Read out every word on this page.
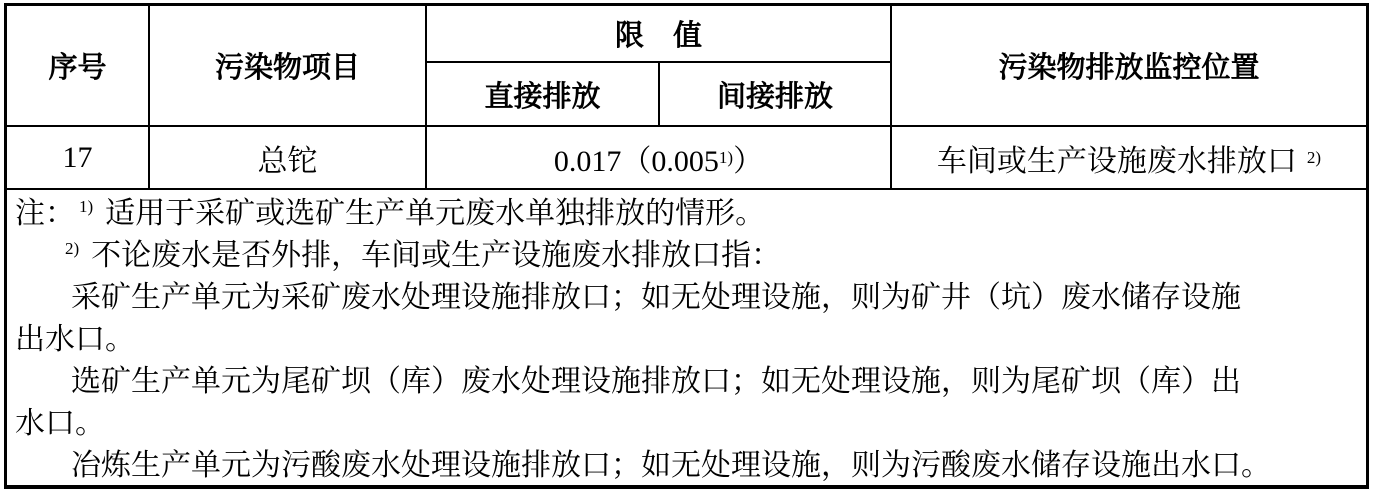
序号	污染物项目
限　值
直接排放	间接排放
污染物排放监控位置
17	总铊	0.017（0.005 1) ）	车间或生产设施废水排放口 2)
注： $^{1)}$ 适用于采矿或选矿生产单元废水单独排放的情形。
$^{2)}$ 不论废水是否外排，车间或生产设施废水排放口指：
采矿生产单元为采矿废水处理设施排放口；如无处理设施，则为矿井（坑）废水储存设施
出水口。
选矿生产单元为尾矿坝（库）废水处理设施排放口；如无处理设施，则为尾矿坝（库）出
水口。
冶炼生产单元为污酸废水处理设施排放口；如无处理设施，则为污酸废水储存设施出水口。
